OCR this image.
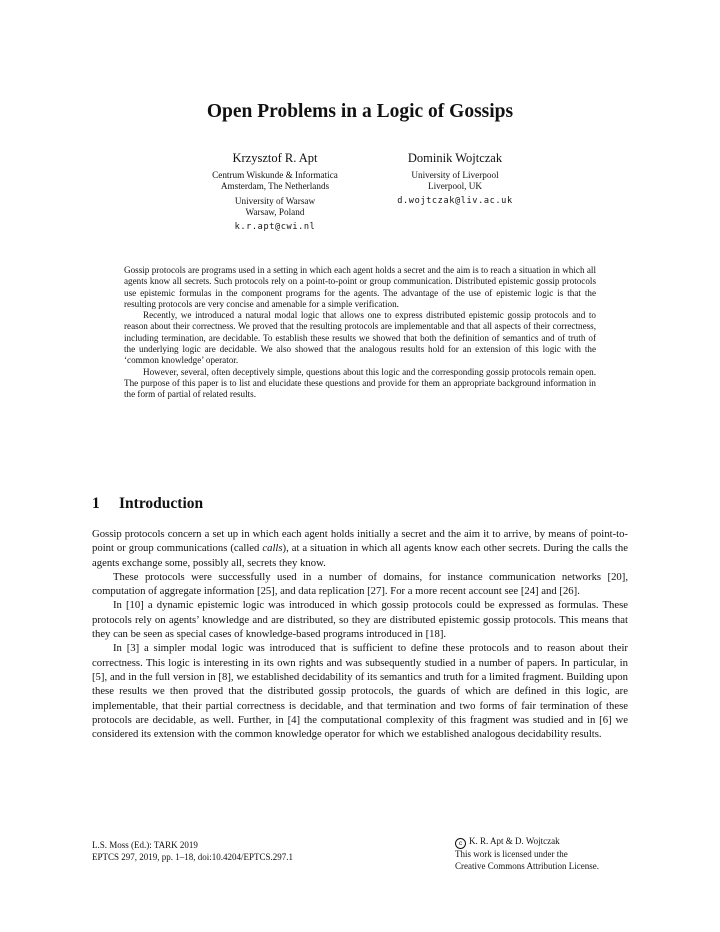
Open Problems in a Logic of Gossips
Krzysztof R. Apt
Centrum Wiskunde & Informatica
Amsterdam, The Netherlands
University of Warsaw
Warsaw, Poland
k.r.apt@cwi.nl
Dominik Wojtczak
University of Liverpool
Liverpool, UK
d.wojtczak@liv.ac.uk

Gossip protocols are programs used in a setting in which each agent holds a secret and the aim is to reach a situation in which all agents know all secrets. Such protocols rely on a point-to-point or group communication. Distributed epistemic gossip protocols use epistemic formulas in the component programs for the agents. The advantage of the use of epistemic logic is that the resulting protocols are very concise and amenable for a simple verification.

Recently, we introduced a natural modal logic that allows one to express distributed epistemic gossip protocols and to reason about their correctness. We proved that the resulting protocols are implementable and that all aspects of their correctness, including termination, are decidable. To establish these results we showed that both the definition of semantics and of truth of the underlying logic are decidable. We also showed that the analogous results hold for an extension of this logic with the ‘common knowledge’ operator.

However, several, often deceptively simple, questions about this logic and the corresponding gossip protocols remain open. The purpose of this paper is to list and elucidate these questions and provide for them an appropriate background information in the form of partial of related results.

1 Introduction

Gossip protocols concern a set up in which each agent holds initially a secret and the aim it to arrive, by means of point-to-point or group communications (called calls), at a situation in which all agents know each other secrets. During the calls the agents exchange some, possibly all, secrets they know.

These protocols were successfully used in a number of domains, for instance communication networks [20], computation of aggregate information [25], and data replication [27]. For a more recent account see [24] and [26].

In [10] a dynamic epistemic logic was introduced in which gossip protocols could be expressed as formulas. These protocols rely on agents’ knowledge and are distributed, so they are distributed epistemic gossip protocols. This means that they can be seen as special cases of knowledge-based programs introduced in [18].

In [3] a simpler modal logic was introduced that is sufficient to define these protocols and to reason about their correctness. This logic is interesting in its own rights and was subsequently studied in a number of papers. In particular, in [5], and in the full version in [8], we established decidability of its semantics and truth for a limited fragment. Building upon these results we then proved that the distributed gossip protocols, the guards of which are defined in this logic, are implementable, that their partial correctness is decidable, and that termination and two forms of fair termination of these protocols are decidable, as well. Further, in [4] the computational complexity of this fragment was studied and in [6] we considered its extension with the common knowledge operator for which we established analogous decidability results.

L.S. Moss (Ed.): TARK 2019
EPTCS 297, 2019, pp. 1–18, doi:10.4204/EPTCS.297.1
c K. R. Apt & D. Wojtczak
This work is licensed under the
Creative Commons Attribution License.
